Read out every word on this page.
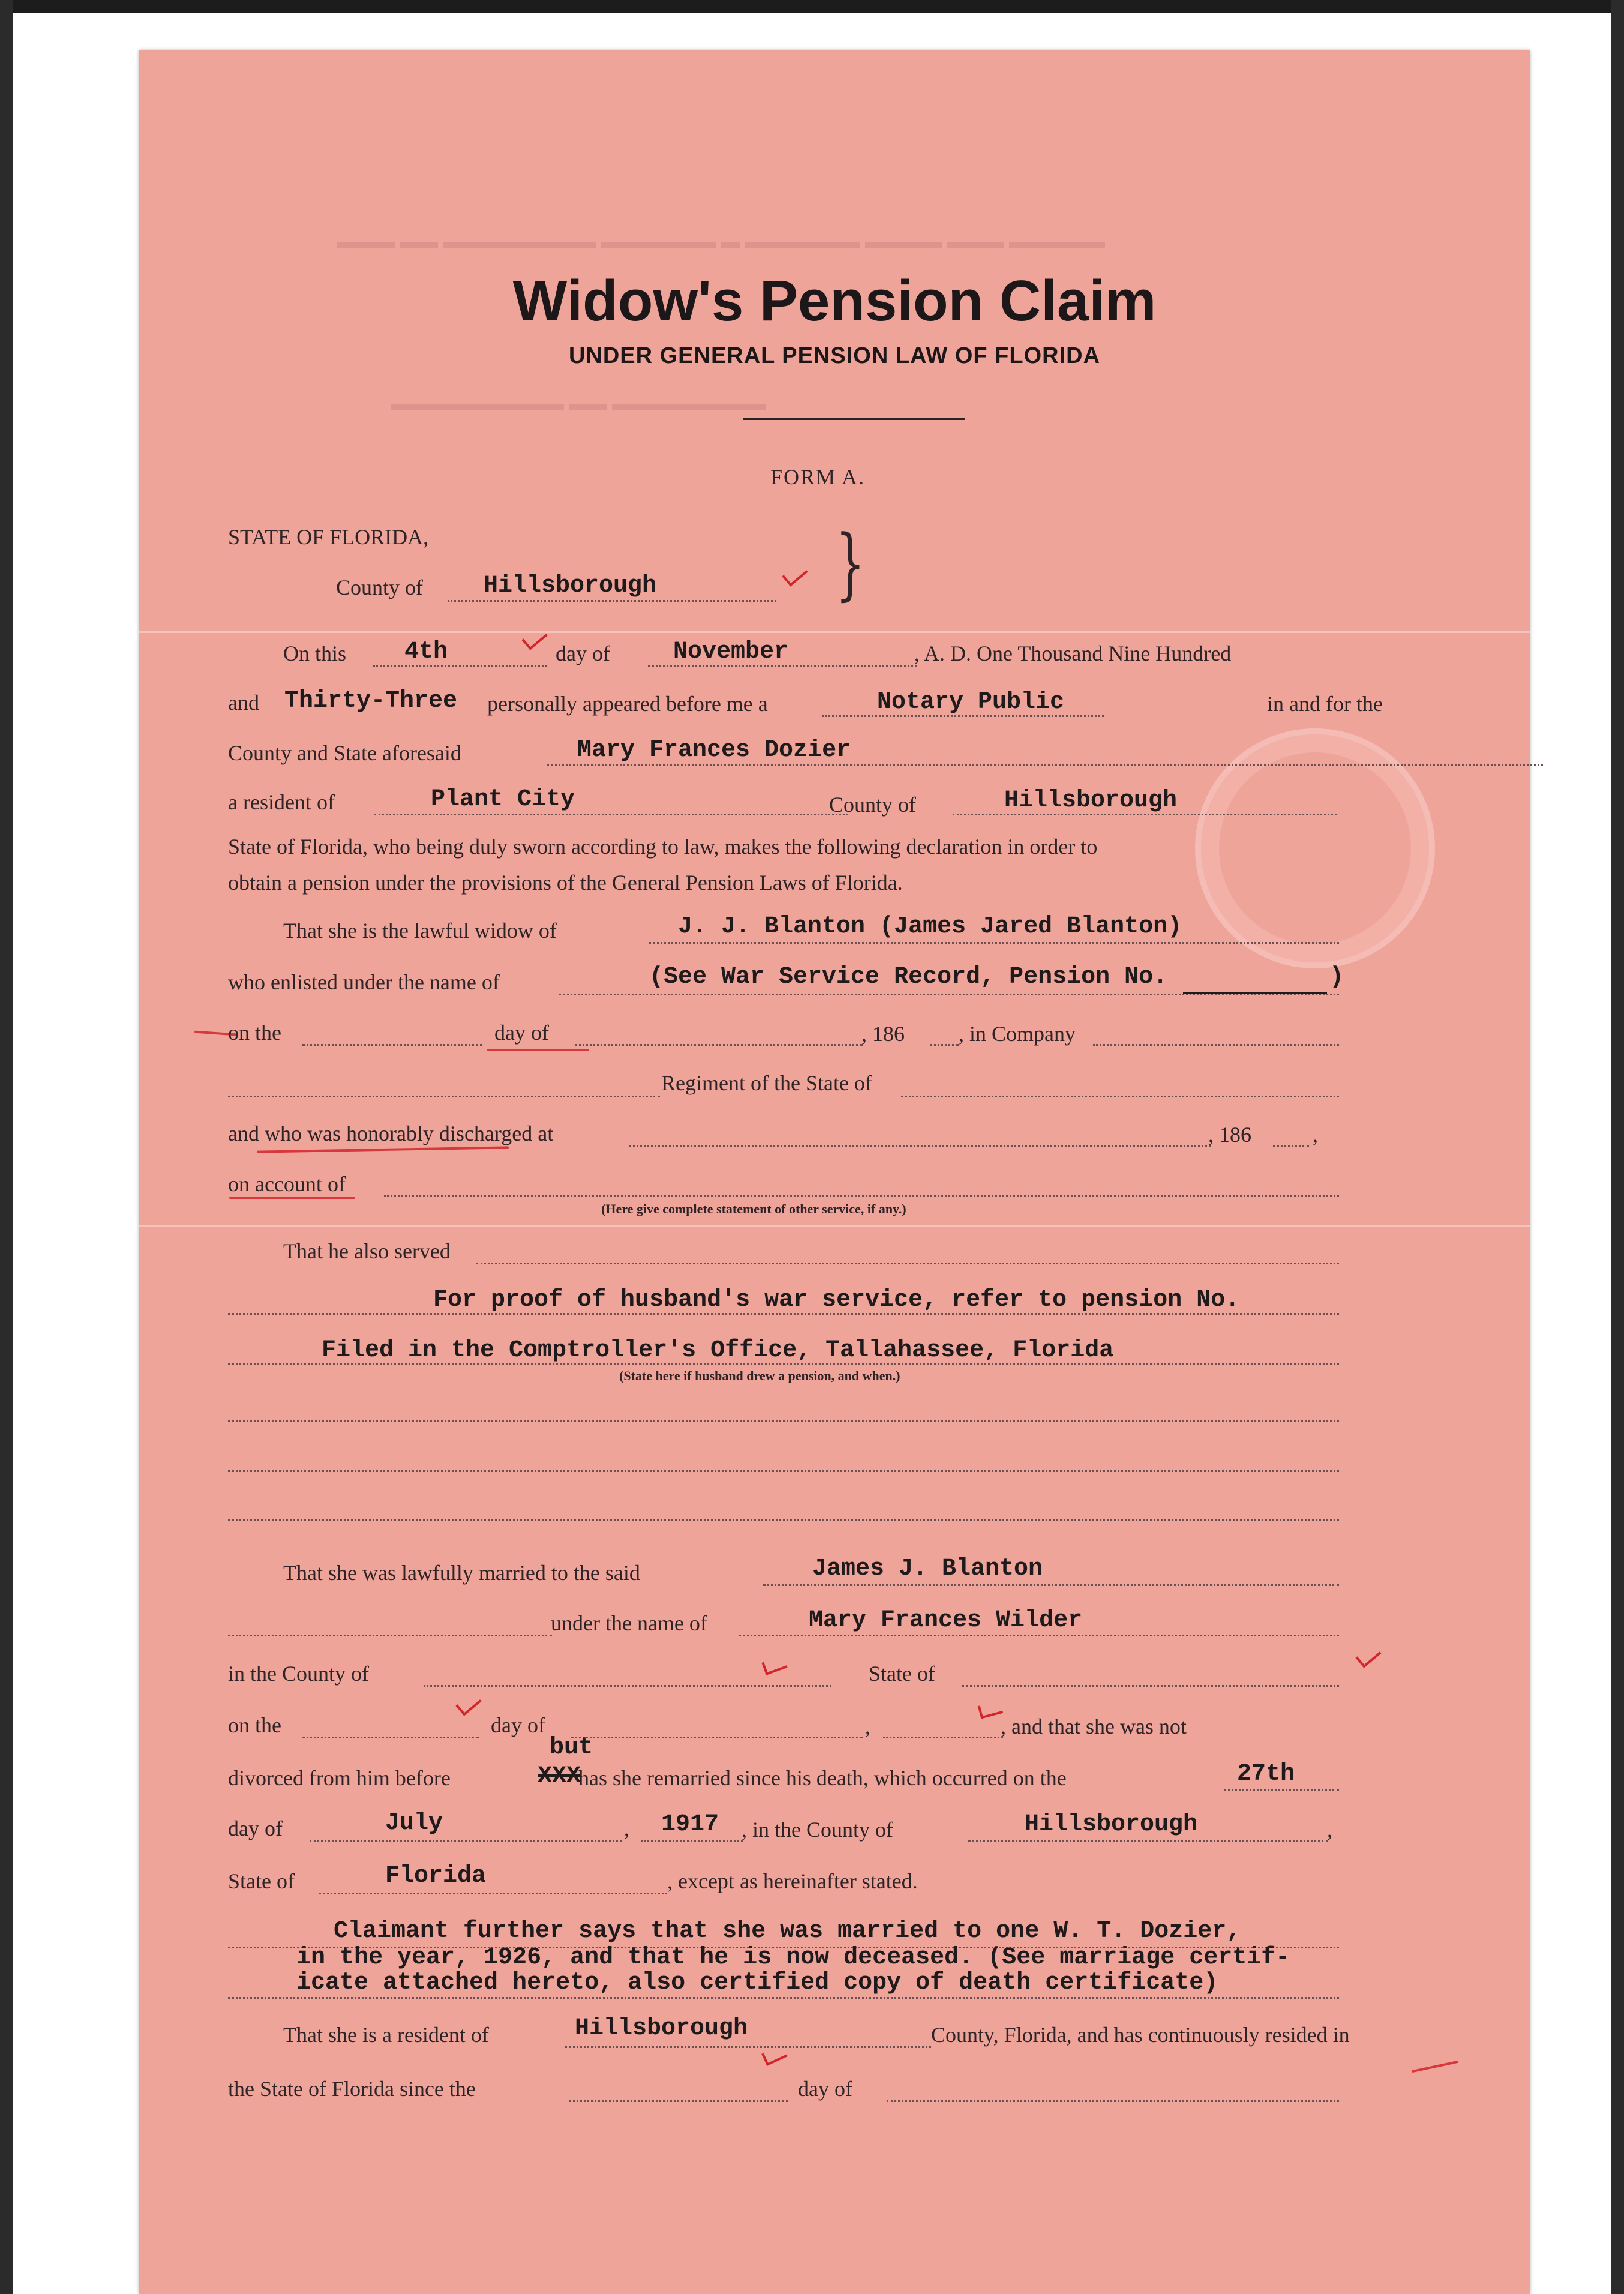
▬▬▬ ▬▬ ▬▬▬▬▬▬▬▬ ▬▬▬▬▬▬ ▬ ▬▬▬▬▬▬ ▬▬▬▬ ▬▬▬ ▬▬▬▬▬
▬▬▬▬▬▬▬▬▬ ▬▬ ▬▬▬▬▬▬▬▬
Widow's Pension Claim
UNDER GENERAL PENSION LAW OF FLORIDA
FORM A.
STATE OF FLORIDA,
County of	Hillsborough }
On this 4th	day of	November	, A. D. One Thousand Nine Hundred
and Thirty-Three personally appeared before me a	Notary Public	in and for the
County and State aforesaid	Mary Frances Dozier
a resident of	Plant City	County of	Hillsborough
State of Florida, who being duly sworn according to law, makes the following declaration in order to
obtain a pension under the provisions of the General Pension Laws of Florida.
That she is the lawful widow of	J. J. Blanton (James Jared Blanton)
who enlisted under the name of	(See War Service Record, Pension No.	)
on the	day of	, 186	, in Company
Regiment of the State of
and who was honorably discharged at	, 186	,
on account of
(Here give complete statement of other service, if any.)
That he also served
For proof of husband's war service, refer to pension No.
Filed in the Comptroller's Office, Tallahassee, Florida
(State here if husband drew a pension, and when.)
That she was lawfully married to the said	James J. Blanton
under the name of	Mary Frances Wilder
in the County of	State of
on the	day of	,	, and that she was not
but
divorced from him before	XXX
has she remarried since his death, which occurred on the	27th
day of	July	, 1917 , in the County of	Hillsborough	,
State of	Florida	, except as hereinafter stated.
Claimant further says that she was married to one W. T. Dozier,
in the year, 1926, and that he is now deceased. (See marriage certif-
icate attached hereto, also certified copy of death certificate)
That she is a resident of	Hillsborough	County, Florida, and has continuously resided in
the State of Florida since the	day of
